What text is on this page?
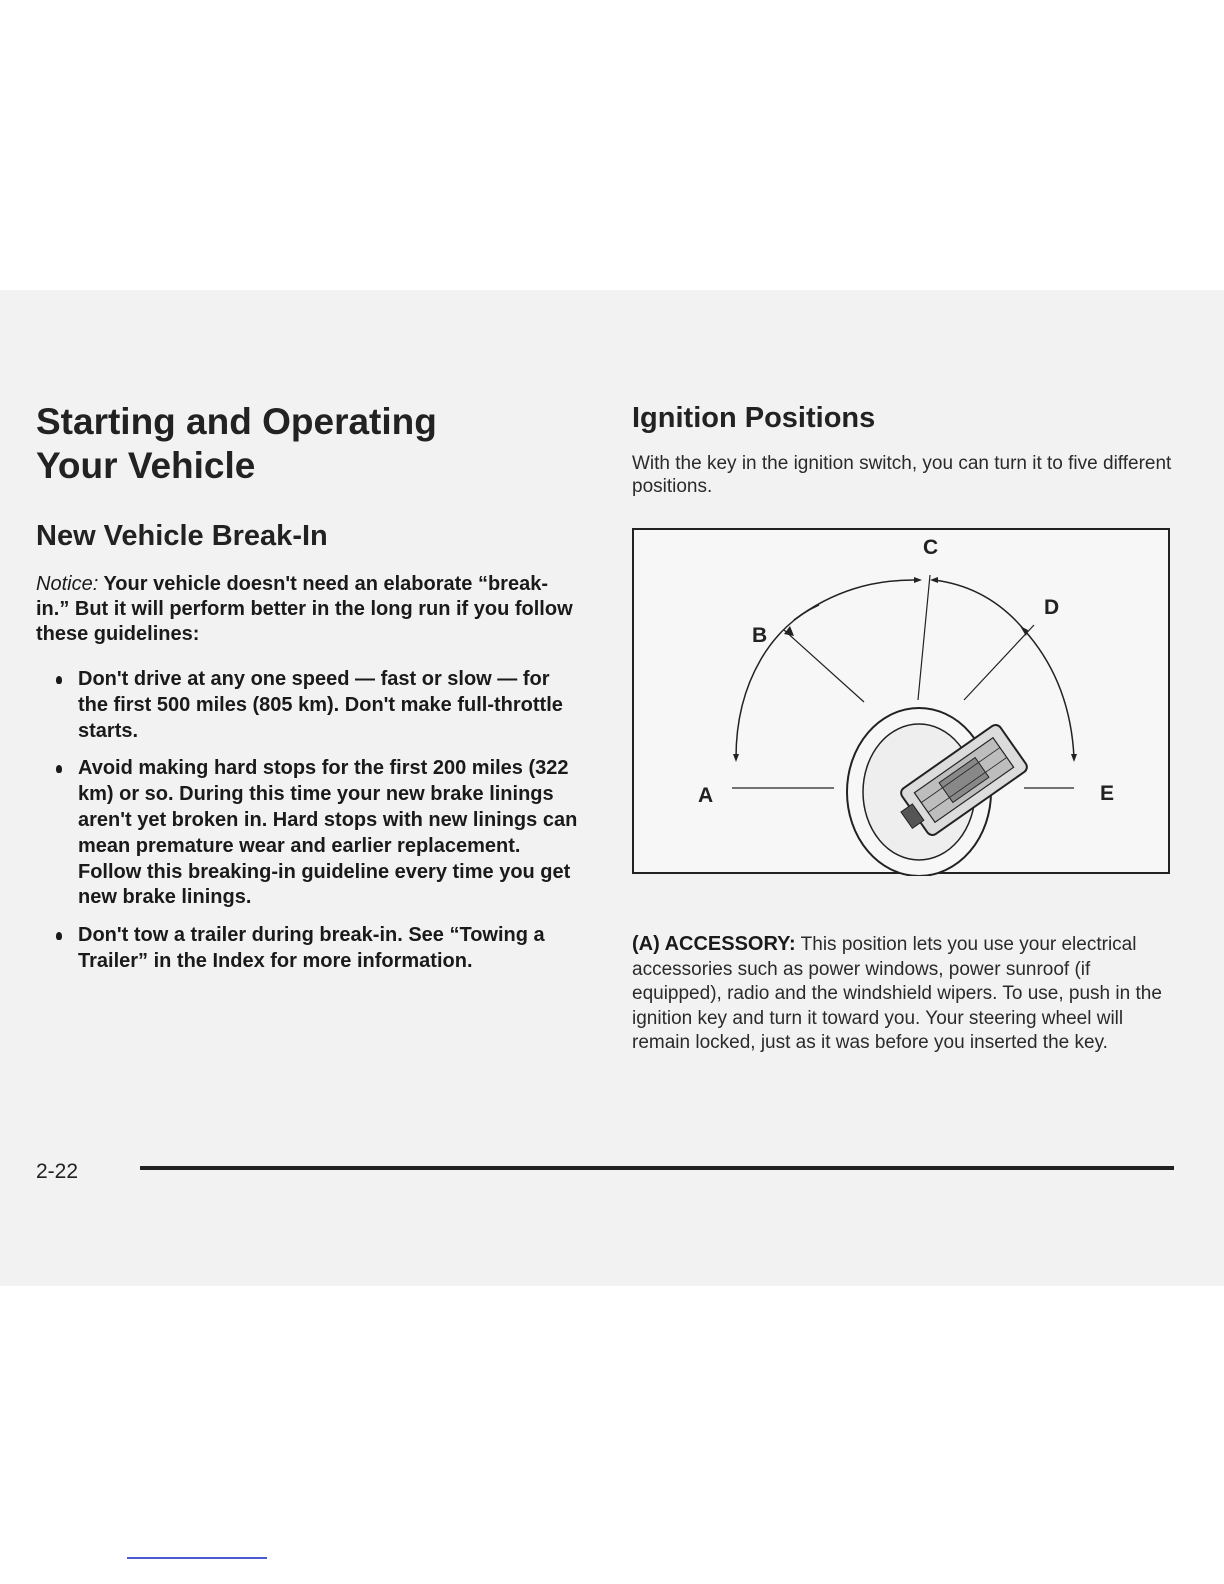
Starting and Operating
Your Vehicle
New Vehicle Break-In

Notice: Your vehicle doesn't need an elaborate “break-in.” But it will perform better in the long run if you follow these guidelines:

Don't drive at any one speed — fast or slow — for the first 500 miles (805 km). Don't make full-throttle starts.
Avoid making hard stops for the first 200 miles (322 km) or so. During this time your new brake linings aren't yet broken in. Hard stops with new linings can mean premature wear and earlier replacement. Follow this breaking-in guideline every time you get new brake linings.
Don't tow a trailer during break-in. See “Towing a Trailer” in the Index for more information.
Ignition Positions

With the key in the ignition switch, you can turn it to five different positions.

A
B
C
D
E

(A) ACCESSORY: This position lets you use your electrical accessories such as power windows, power sunroof (if equipped), radio and the windshield wipers. To use, push in the ignition key and turn it toward you. Your steering wheel will remain locked, just as it was before you inserted the key.

2-22
